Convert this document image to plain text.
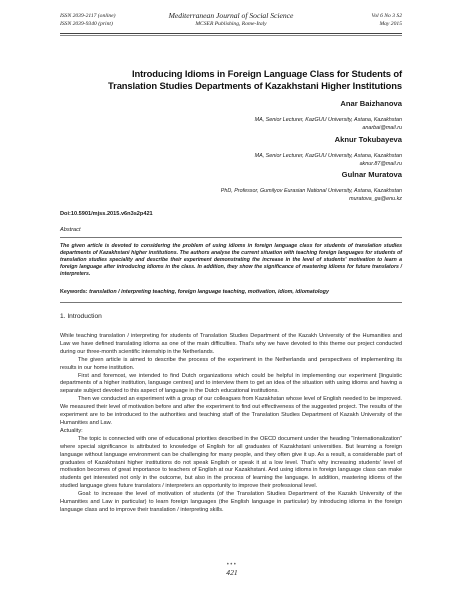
ISSN 2039-2117 (online)
ISSN 2039-9340 (print)
Mediterranean Journal of Social Science
MCSER Publishing, Rome-Italy
Vol 6 No 3 S2
May 2015
Introducing Idioms in Foreign Language Class for Students of
Translation Studies Departments of Kazakhstani Higher Institutions
Anar Baizhanova
MA, Senior Lecturer, KazGUU University, Astana, Kazakhstan
anarbai@mail.ru
Aknur Tokubayeva
MA, Senior Lecturer, KazGUU University, Astana, Kazakhstan
aknur.87@mail.ru
Gulnar Muratova
PhD, Professor, Gumilyov Eurasian National University, Astana, Kazakhstan
muratova_ga@enu.kz
Doi:10.5901/mjss.2015.v6n3s2p421
Abstract
The given article is devoted to considering the problem of using idioms in foreign language class for students of translation studies departments of Kazakhstani higher institutions. The authors analyse the current situation with teaching foreign languages for students of translation studies speciality and describe their experiment demonstrating the increase in the level of students' motivation to learn a foreign language after introducing idioms in the class. In addition, they show the significance of mastering idioms for future translators / interpreters.
Keywords: translation / interpreting teaching, foreign language teaching, motivation, idiom, idiomatology
1. Introduction

While teaching translation / interpreting for students of Translation Studies Department of the Kazakh University of the Humanities and Law we have defined translating idioms as one of the main difficulties. That's why we have devoted to this theme our project conducted during our three-month scientific internship in the Netherlands.

The given article is aimed to describe the process of the experiment in the Netherlands and perspectives of implementing its results in our home institution.

First and foremost, we intended to find Dutch organizations which could be helpful in implementing our experiment [linguistic departments of a higher institution, language centres] and to interview them to get an idea of the situation with using idioms and having a separate subject devoted to this aspect of language in the Dutch educational institutions.

Then we conducted an experiment with a group of our colleagues from Kazakhstan whose level of English needed to be improved. We measured their level of motivation before and after the experiment to find out effectiveness of the suggested project. The results of the experiment are to be introduced to the authorities and teaching staff of the Translation Studies Department of Kazakh University of the Humanities and Law.

Actuality:

The topic is connected with one of educational priorities described in the OECD document under the heading “Internationalization” where special significance is attributed to knowledge of English for all graduates of Kazakhstani universities. But learning a foreign language without language environment can be challenging for many people, and they often give it up. As a result, a considerable part of graduates of Kazakhstani higher institutions do not speak English or speak it at a low level. That's why increasing students' level of motivation becomes of great importance to teachers of English at our Kazakhstani. And using idioms in foreign language class can make students get interested not only in the outcome, but also in the process of learning the language. In addition, mastering idioms of the studied language gives future translators / interpreters an opportunity to improve their professional level.

Goal: to increase the level of motivation of students (of the Translation Studies Department of the Kazakh University of the Humanities and Law in particular) to learn foreign languages (the English language in particular) by introducing idioms in the foreign language class and to improve their translation / interpreting skills.

•••
421
